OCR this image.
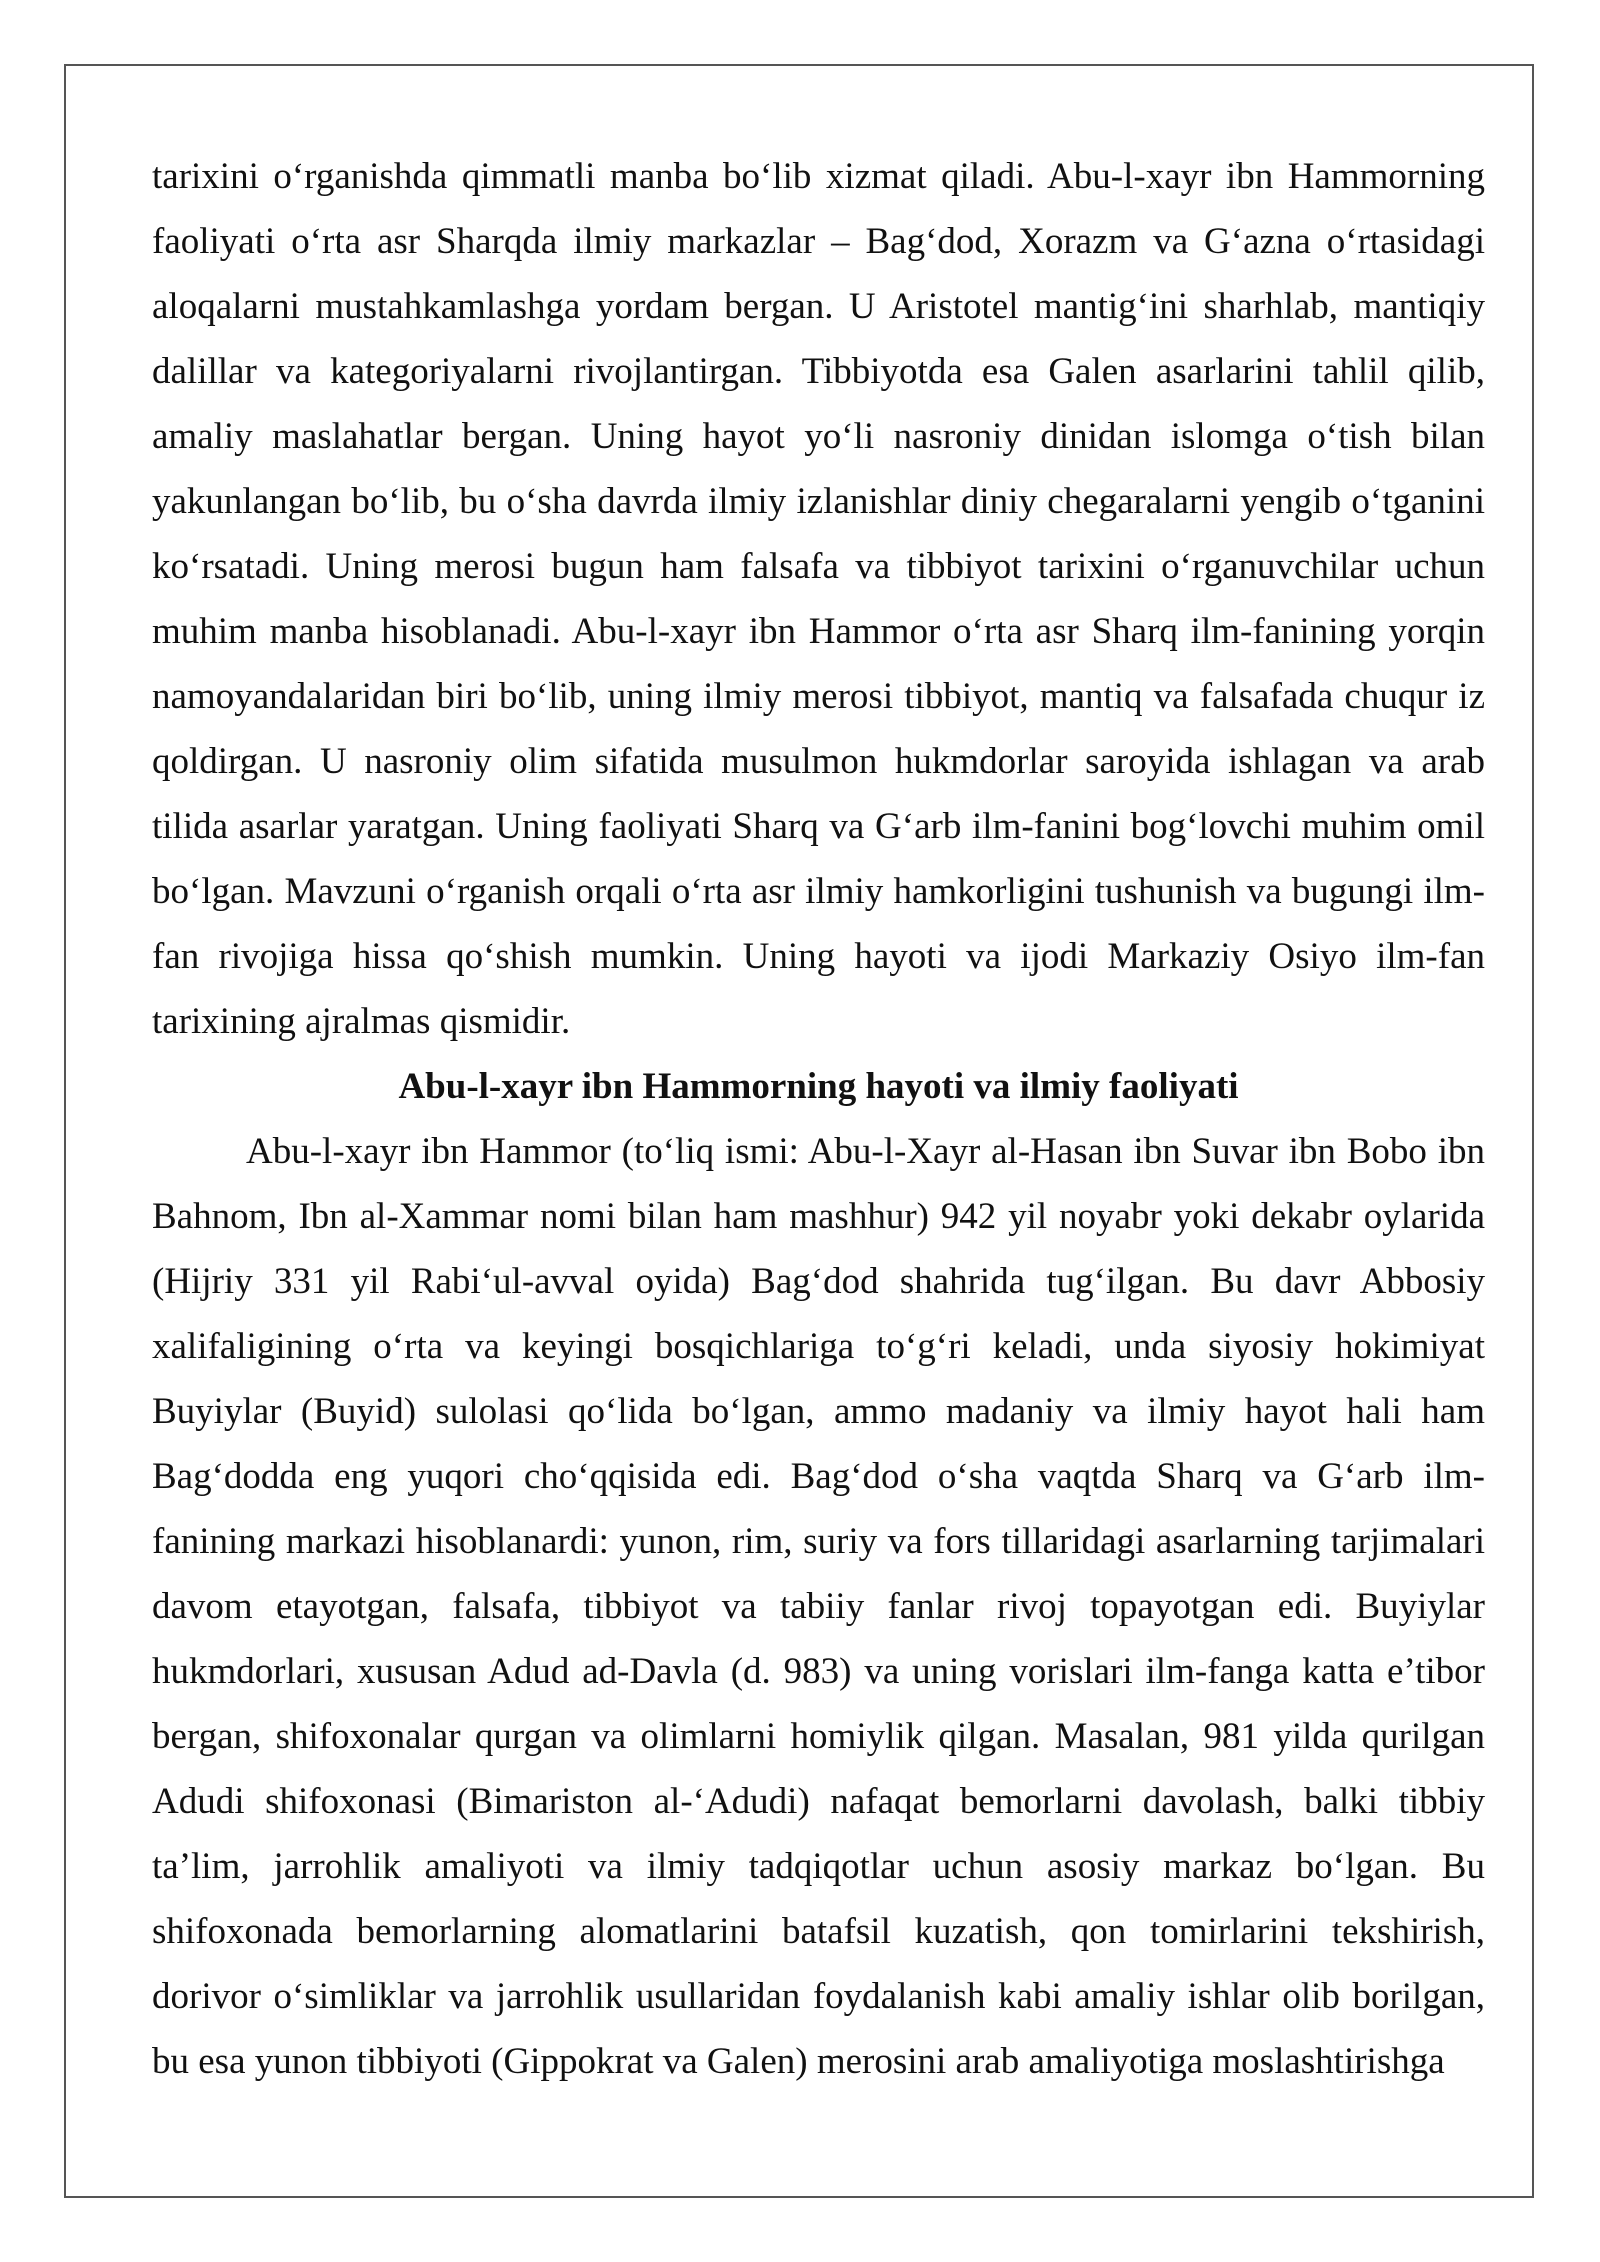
tarixini o‘rganishda qimmatli manba bo‘lib xizmat qiladi. Abu-l-xayr ibn Hammorning faoliyati o‘rta asr Sharqda ilmiy markazlar – Bag‘dod, Xorazm va G‘azna o‘rtasidagi aloqalarni mustahkamlashga yordam bergan. U Aristotel mantig‘ini sharhlab, mantiqiy dalillar va kategoriyalarni rivojlantirgan. Tibbiyotda esa Galen asarlarini tahlil qilib, amaliy maslahatlar bergan. Uning hayot yo‘li nasroniy dinidan islomga o‘tish bilan yakunlangan bo‘lib, bu o‘sha davrda ilmiy izlanishlar diniy chegaralarni yengib o‘tganini ko‘rsatadi. Uning merosi bugun ham falsafa va tibbiyot tarixini o‘rganuvchilar uchun muhim manba hisoblanadi. Abu-l-xayr ibn Hammor o‘rta asr Sharq ilm-fanining yorqin namoyandalaridan biri bo‘lib, uning ilmiy merosi tibbiyot, mantiq va falsafada chuqur iz qoldirgan. U nasroniy olim sifatida musulmon hukmdorlar saroyida ishlagan va arab tilida asarlar yaratgan. Uning faoliyati Sharq va G‘arb ilm-fanini bog‘lovchi muhim omil bo‘lgan. Mavzuni o‘rganish orqali o‘rta asr ilmiy hamkorligini tushunish va bugungi ilm-fan rivojiga hissa qo‘shish mumkin. Uning hayoti va ijodi Markaziy Osiyo ilm-fan tarixining ajralmas qismidir.

Abu-l-xayr ibn Hammorning hayoti va ilmiy faoliyati

Abu-l-xayr ibn Hammor (to‘liq ismi: Abu-l-Xayr al-Hasan ibn Suvar ibn Bobo ibn Bahnom, Ibn al-Xammar nomi bilan ham mashhur) 942 yil noyabr yoki dekabr oylarida (Hijriy 331 yil Rabi‘ul-avval oyida) Bag‘dod shahrida tug‘ilgan. Bu davr Abbosiy xalifaligining o‘rta va keyingi bosqichlariga to‘g‘ri keladi, unda siyosiy hokimiyat Buyiylar (Buyid) sulolasi qo‘lida bo‘lgan, ammo madaniy va ilmiy hayot hali ham Bag‘dodda eng yuqori cho‘qqisida edi. Bag‘dod o‘sha vaqtda Sharq va G‘arb ilm-fanining markazi hisoblanardi: yunon, rim, suriy va fors tillaridagi asarlarning tarjimalari davom etayotgan, falsafa, tibbiyot va tabiiy fanlar rivoj topayotgan edi. Buyiylar hukmdorlari, xususan Adud ad-Davla (d. 983) va uning vorislari ilm-fanga katta e’tibor bergan, shifoxonalar qurgan va olimlarni homiylik qilgan. Masalan, 981 yilda qurilgan Adudi shifoxonasi (Bimariston al-‘Adudi) nafaqat bemorlarni davolash, balki tibbiy ta’lim, jarrohlik amaliyoti va ilmiy tadqiqotlar uchun asosiy markaz bo‘lgan. Bu shifoxonada bemorlarning alomatlarini batafsil kuzatish, qon tomirlarini tekshirish, dorivor o‘simliklar va jarrohlik usullaridan foydalanish kabi amaliy ishlar olib borilgan, bu esa yunon tibbiyoti (Gippokrat va Galen) merosini arab amaliyotiga moslashtirishga
